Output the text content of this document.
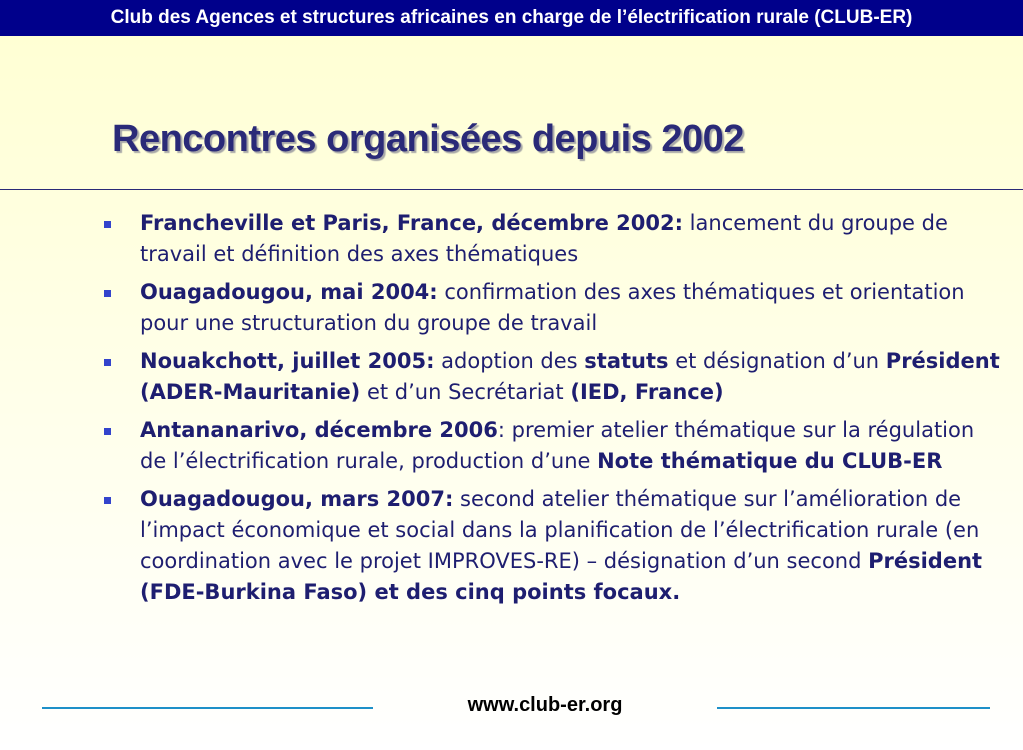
Club des Agences et structures africaines en charge de l’électrification rurale (CLUB-ER)
Rencontres organisées depuis 2002
Francheville et Paris, France, décembre 2002: lancement du groupe de travail et définition des axes thématiques
Ouagadougou, mai 2004: confirmation des axes thématiques et orientation pour une structuration du groupe de travail
Nouakchott, juillet 2005: adoption des statuts et désignation d’un Président (ADER-Mauritanie) et d’un Secrétariat (IED, France)
Antananarivo, décembre 2006: premier atelier thématique sur la régulation de l’électrification rurale, production d’une Note thématique du CLUB-ER
Ouagadougou, mars 2007: second atelier thématique sur l’amélioration de l’impact économique et social dans la planification de l’électrification rurale (en coordination avec le projet IMPROVES-RE) – désignation d’un second Président (FDE-Burkina Faso) et des cinq points focaux.
www.club-er.org
